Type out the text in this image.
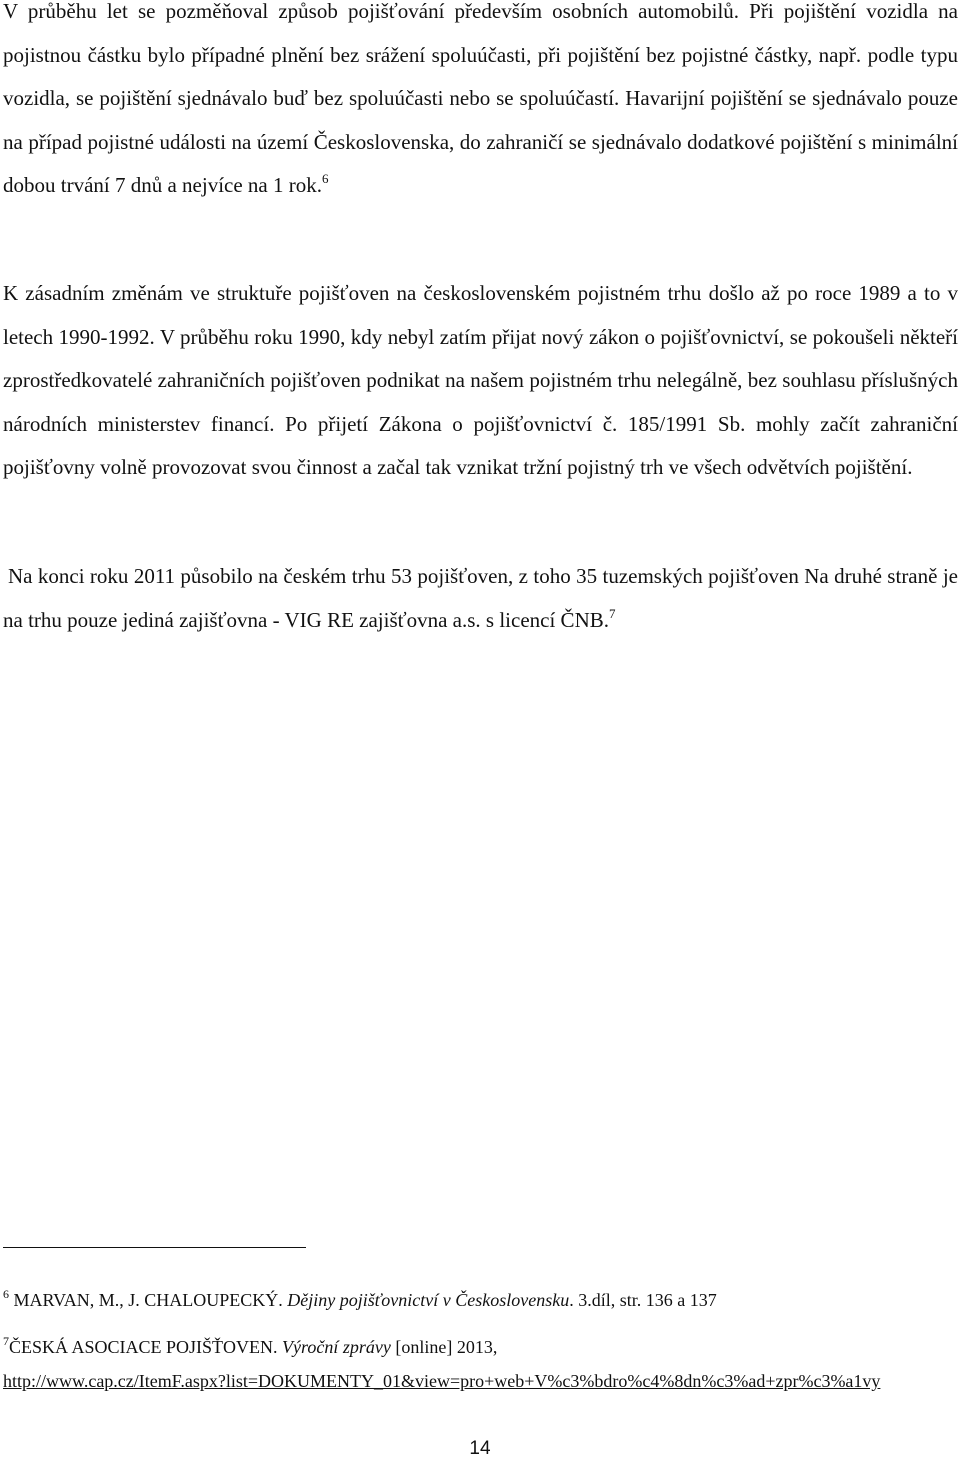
V průběhu let se pozměňoval způsob pojišťování především osobních automobilů. Při pojištění vozidla na pojistnou částku bylo případné plnění bez srážení spoluúčasti, při pojištění bez pojistné částky, např. podle typu vozidla, se pojištění sjednávalo buď bez spoluúčasti nebo se spoluúčastí. Havarijní pojištění se sjednávalo pouze na případ pojistné události na území Československa, do zahraničí se sjednávalo dodatkové pojištění s minimální dobou trvání 7 dnů a nejvíce na 1 rok.$^6$

K zásadním změnám ve struktuře pojišťoven na československém pojistném trhu došlo až po roce 1989 a to v letech 1990-1992. V průběhu roku 1990, kdy nebyl zatím přijat nový zákon o pojišťovnictví, se pokoušeli někteří zprostředkovatelé zahraničních pojišťoven podnikat na našem pojistném trhu nelegálně, bez souhlasu příslušných národních ministerstev financí. Po přijetí Zákona o pojišťovnictví č. 185/1991 Sb. mohly začít zahraniční pojišťovny volně provozovat svou činnost a začal tak vznikat tržní pojistný trh ve všech odvětvích pojištění.

Na konci roku 2011 působilo na českém trhu 53 pojišťoven, z toho 35 tuzemských pojišťoven Na druhé straně je na trhu pouze jediná zajišťovna - VIG RE zajišťovna a.s. s licencí ČNB.$^7$

$^6$ MARVAN, M., J. CHALOUPECKÝ. Dějiny pojišťovnictví v Československu. 3.díl, str. 136 a 137

$^7$ČESKÁ ASOCIACE POJIŠŤOVEN. Výroční zprávy [online] 2013,
http://www.cap.cz/ItemF.aspx?list=DOKUMENTY_01&view=pro+web+V%c3%bdro%c4%8dn%c3%ad+zpr%c3%a1vy

14
